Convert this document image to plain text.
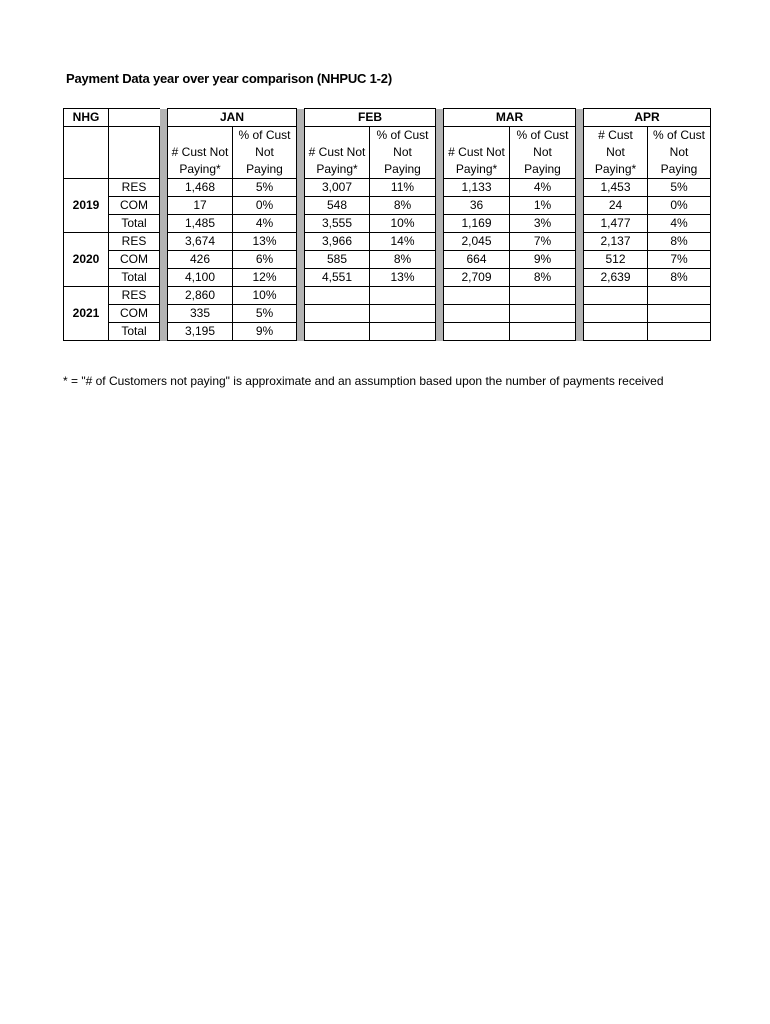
Payment Data year over year comparison (NHPUC 1-2)
NHG			JAN			FEB			MAR			APR	
				% of Cust			% of Cust			% of Cust		# Cust	% of Cust
			# Cust Not	Not		# Cust Not	Not		# Cust Not	Not		Not	Not
			Paying*	Paying		Paying*	Paying		Paying*	Paying		Paying*	Paying
2019	RES		1,468	5%		3,007	11%		1,133	4%		1,453	5%
	COM		17	0%		548	8%		36	1%		24	0%
	Total		1,485	4%		3,555	10%		1,169	3%		1,477	4%
2020	RES		3,674	13%		3,966	14%		2,045	7%		2,137	8%
	COM		426	6%		585	8%		664	9%		512	7%
	Total		4,100	12%		4,551	13%		2,709	8%		2,639	8%
2021	RES		2,860	10%									
	COM		335	5%									
	Total		3,195	9%									
* = "# of Customers not paying" is approximate and an assumption based upon the number of payments received
